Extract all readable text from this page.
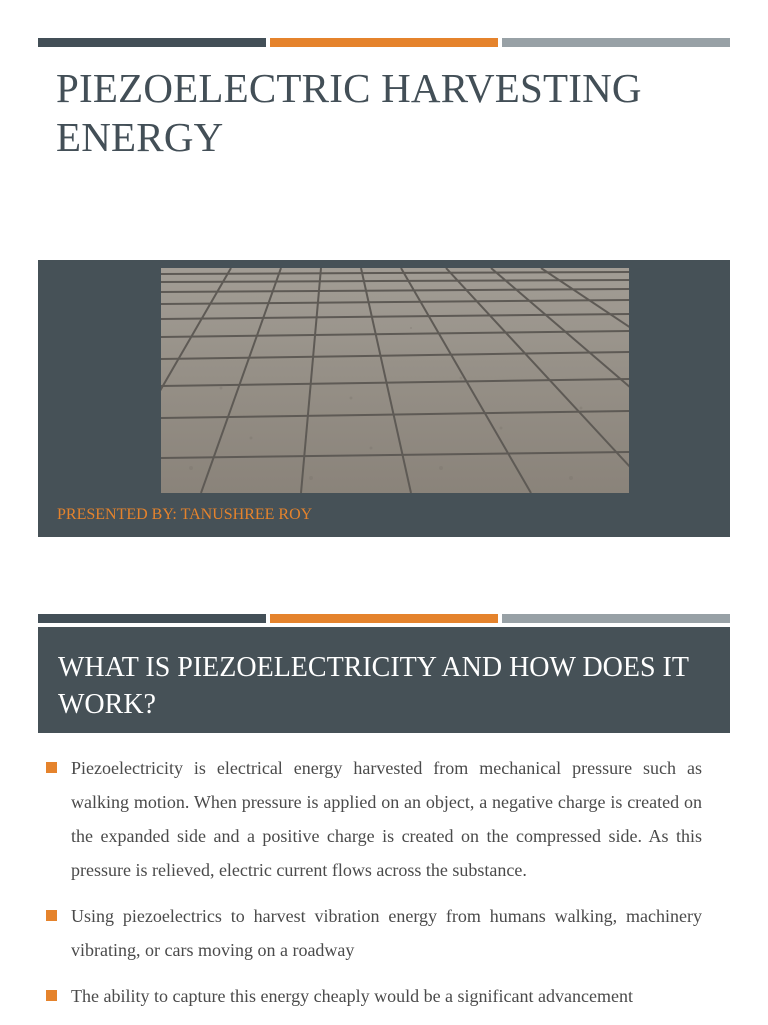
PIEZOELECTRIC HARVESTING ENERGY
PRESENTED BY: TANUSHREE ROY
WHAT IS PIEZOELECTRICITY AND HOW DOES IT WORK?
Piezoelectricity is electrical energy harvested from mechanical pressure such as walking motion. When pressure is applied on an object, a negative charge is created on the expanded side and a positive charge is created on the compressed side. As this pressure is relieved, electric current flows across the substance.
Using piezoelectrics to harvest vibration energy from humans walking, machinery vibrating, or cars moving on a roadway
The ability to capture this energy cheaply would be a significant advancement
